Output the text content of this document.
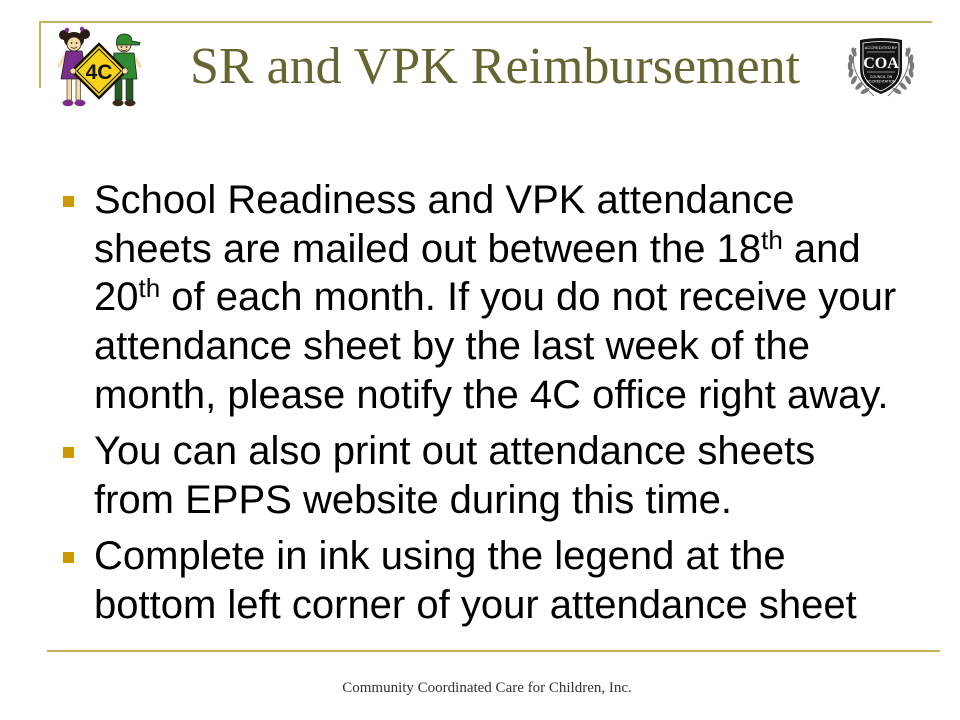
4C SR and VPK Reimbursement	ACCREDITED BY
COA
COUNCIL ON
ACCREDITATION
School Readiness and VPK attendance
sheets are mailed out between the 18th and
20th of each month. If you do not receive your
attendance sheet by the last week of the
month, please notify the 4C office right away.
You can also print out attendance sheets
from EPPS website during this time.
Complete in ink using the legend at the
bottom left corner of your attendance sheet
Community Coordinated Care for Children, Inc.
